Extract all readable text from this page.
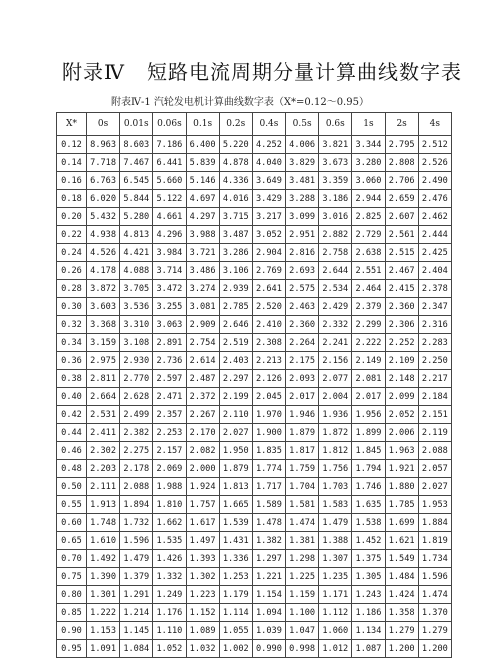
附录Ⅳ 短路电流周期分量计算曲线数字表
附表Ⅳ-1 汽轮发电机计算曲线数字表（X*=0.12～0.95）
X*	0s	0.01s	0.06s	0.1s	0.2s	0.4s	0.5s	0.6s	1s	2s	4s
0.12	8.963	8.603	7.186	6.400	5.220	4.252	4.006	3.821	3.344	2.795	2.512
0.14	7.718	7.467	6.441	5.839	4.878	4.040	3.829	3.673	3.280	2.808	2.526
0.16	6.763	6.545	5.660	5.146	4.336	3.649	3.481	3.359	3.060	2.706	2.490
0.18	6.020	5.844	5.122	4.697	4.016	3.429	3.288	3.186	2.944	2.659	2.476
0.20	5.432	5.280	4.661	4.297	3.715	3.217	3.099	3.016	2.825	2.607	2.462
0.22	4.938	4.813	4.296	3.988	3.487	3.052	2.951	2.882	2.729	2.561	2.444
0.24	4.526	4.421	3.984	3.721	3.286	2.904	2.816	2.758	2.638	2.515	2.425
0.26	4.178	4.088	3.714	3.486	3.106	2.769	2.693	2.644	2.551	2.467	2.404
0.28	3.872	3.705	3.472	3.274	2.939	2.641	2.575	2.534	2.464	2.415	2.378
0.30	3.603	3.536	3.255	3.081	2.785	2.520	2.463	2.429	2.379	2.360	2.347
0.32	3.368	3.310	3.063	2.909	2.646	2.410	2.360	2.332	2.299	2.306	2.316
0.34	3.159	3.108	2.891	2.754	2.519	2.308	2.264	2.241	2.222	2.252	2.283
0.36	2.975	2.930	2.736	2.614	2.403	2.213	2.175	2.156	2.149	2.109	2.250
0.38	2.811	2.770	2.597	2.487	2.297	2.126	2.093	2.077	2.081	2.148	2.217
0.40	2.664	2.628	2.471	2.372	2.199	2.045	2.017	2.004	2.017	2.099	2.184
0.42	2.531	2.499	2.357	2.267	2.110	1.970	1.946	1.936	1.956	2.052	2.151
0.44	2.411	2.382	2.253	2.170	2.027	1.900	1.879	1.872	1.899	2.006	2.119
0.46	2.302	2.275	2.157	2.082	1.950	1.835	1.817	1.812	1.845	1.963	2.088
0.48	2.203	2.178	2.069	2.000	1.879	1.774	1.759	1.756	1.794	1.921	2.057
0.50	2.111	2.088	1.988	1.924	1.813	1.717	1.704	1.703	1.746	1.880	2.027
0.55	1.913	1.894	1.810	1.757	1.665	1.589	1.581	1.583	1.635	1.785	1.953
0.60	1.748	1.732	1.662	1.617	1.539	1.478	1.474	1.479	1.538	1.699	1.884
0.65	1.610	1.596	1.535	1.497	1.431	1.382	1.381	1.388	1.452	1.621	1.819
0.70	1.492	1.479	1.426	1.393	1.336	1.297	1.298	1.307	1.375	1.549	1.734
0.75	1.390	1.379	1.332	1.302	1.253	1.221	1.225	1.235	1.305	1.484	1.596
0.80	1.301	1.291	1.249	1.223	1.179	1.154	1.159	1.171	1.243	1.424	1.474
0.85	1.222	1.214	1.176	1.152	1.114	1.094	1.100	1.112	1.186	1.358	1.370
0.90	1.153	1.145	1.110	1.089	1.055	1.039	1.047	1.060	1.134	1.279	1.279
0.95	1.091	1.084	1.052	1.032	1.002	0.990	0.998	1.012	1.087	1.200	1.200
